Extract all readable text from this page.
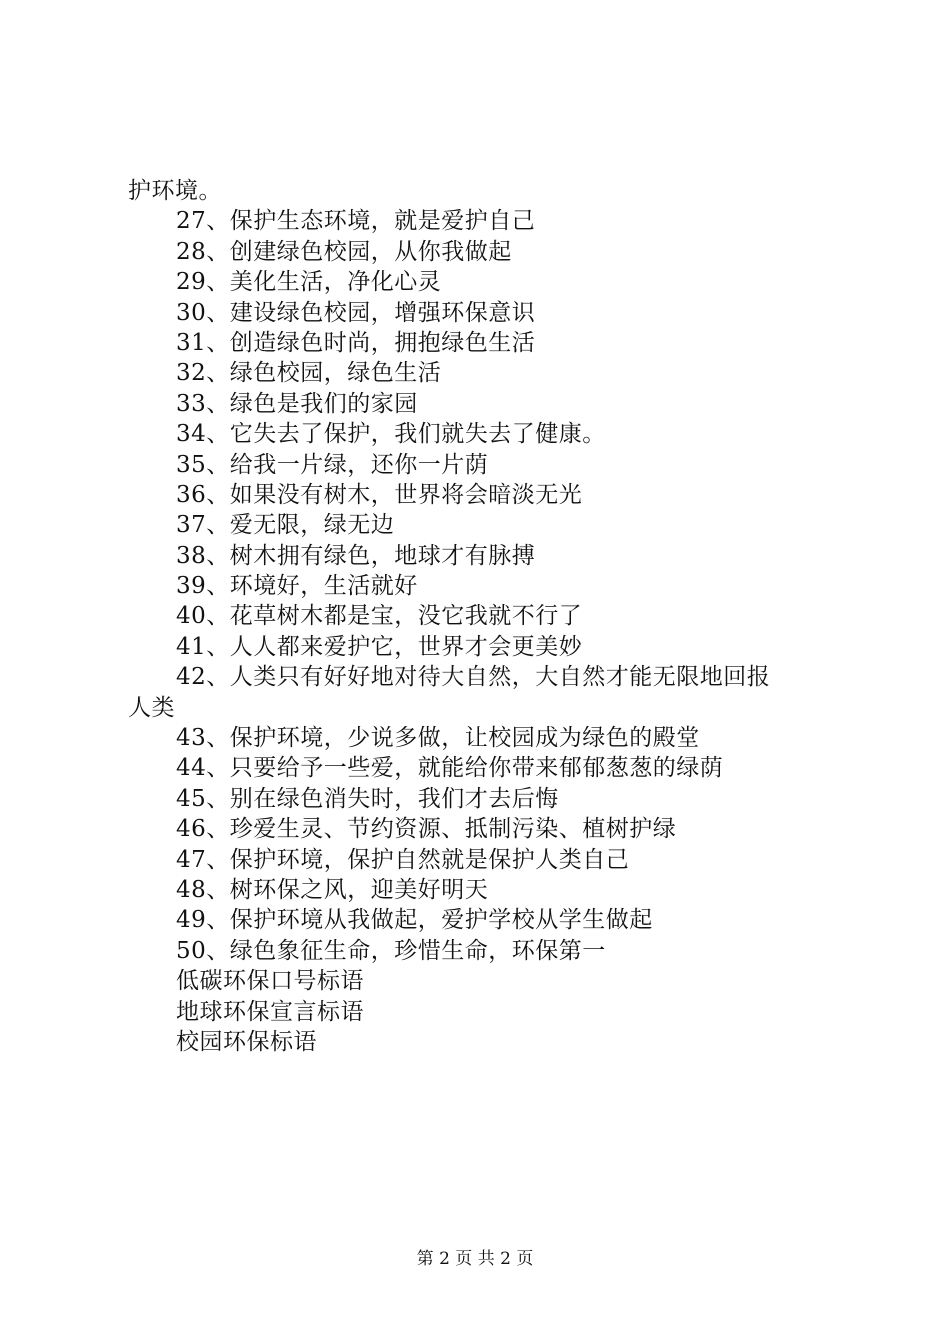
护环境。
27、保护生态环境，就是爱护自己
28、创建绿色校园，从你我做起
29、美化生活，净化心灵
30、建设绿色校园，增强环保意识
31、创造绿色时尚，拥抱绿色生活
32、绿色校园，绿色生活
33、绿色是我们的家园
34、它失去了保护，我们就失去了健康。
35、给我一片绿，还你一片荫
36、如果没有树木，世界将会暗淡无光
37、爱无限，绿无边
38、树木拥有绿色，地球才有脉搏
39、环境好，生活就好
40、花草树木都是宝，没它我就不行了
41、人人都来爱护它，世界才会更美妙
42、人类只有好好地对待大自然，大自然才能无限地回报
人类
43、保护环境，少说多做，让校园成为绿色的殿堂
44、只要给予一些爱，就能给你带来郁郁葱葱的绿荫
45、别在绿色消失时，我们才去后悔
46、珍爱生灵、节约资源、抵制污染、植树护绿
47、保护环境，保护自然就是保护人类自己
48、树环保之风，迎美好明天
49、保护环境从我做起，爱护学校从学生做起
50、绿色象征生命，珍惜生命，环保第一
低碳环保口号标语
地球环保宣言标语
校园环保标语
第 2 页 共 2 页
